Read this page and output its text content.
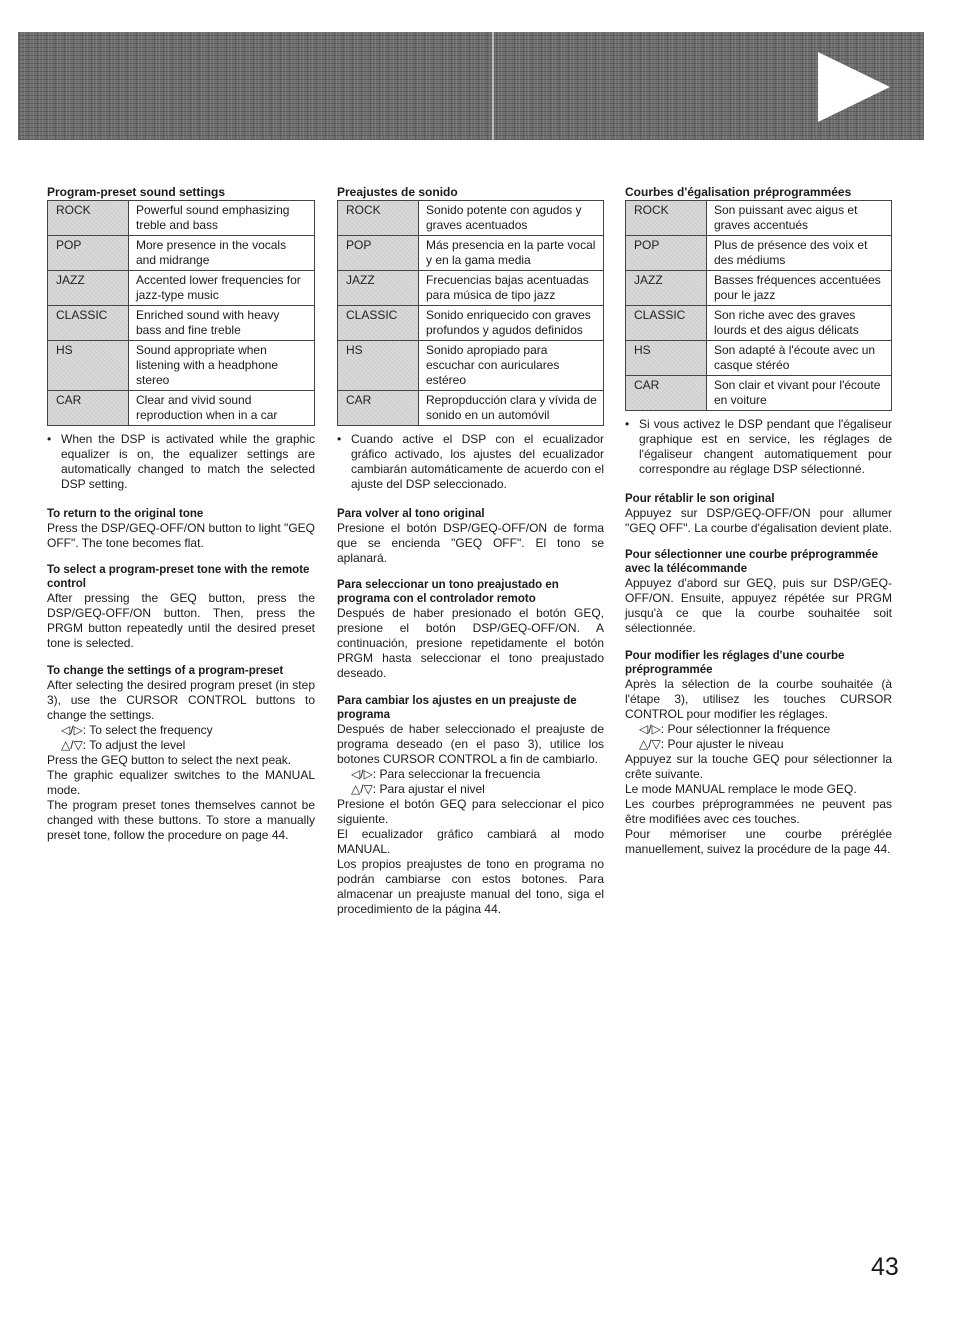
Program-preset sound settings

ROCK	Powerful sound emphasizing treble and bass
POP	More presence in the vocals and midrange
JAZZ	Accented lower frequencies for jazz-type music
CLASSIC	Enriched sound with heavy bass and fine treble
HS	Sound appropriate when listening with a headphone stereo
CAR	Clear and vivid sound reproduction when in a car
• When the DSP is activated while the graphic equalizer is on, the equalizer settings are automatically changed to match the selected DSP setting.

To return to the original tone

Press the DSP/GEQ-OFF/ON button to light "GEQ OFF". The tone becomes flat.

To select a program-preset tone with the remote control

After pressing the GEQ button, press the DSP/GEQ-OFF/ON button. Then, press the PRGM button repeatedly until the desired preset tone is selected.

To change the settings of a program-preset

After selecting the desired program preset (in step 3), use the CURSOR CONTROL buttons to change the settings.

◁/▷: To select the frequency

△/▽: To adjust the level

Press the GEQ button to select the next peak.

The graphic equalizer switches to the MANUAL mode.

The program preset tones themselves cannot be changed with these buttons. To store a manually preset tone, follow the procedure on page 44.

Preajustes de sonido

ROCK	Sonido potente con agudos y graves acentuados
POP	Más presencia en la parte vocal y en la gama media
JAZZ	Frecuencias bajas acentuadas para música de tipo jazz
CLASSIC	Sonido enriquecido con graves profundos y agudos definidos
HS	Sonido apropiado para escuchar con auriculares estéreo
CAR	Repropducción clara y vívida de sonido en un automóvil
• Cuando active el DSP con el ecualizador gráfico activado, los ajustes del ecualizador cambiarán automáticamente de acuerdo con el ajuste del DSP seleccionado.

Para volver al tono original

Presione el botón DSP/GEQ-OFF/ON de forma que se encienda "GEQ OFF". El tono se aplanará.

Para seleccionar un tono preajustado en programa con el controlador remoto

Después de haber presionado el botón GEQ, presione el botón DSP/GEQ-OFF/ON. A continuación, presione repetidamente el botón PRGM hasta seleccionar el tono preajustado deseado.

Para cambiar los ajustes en un preajuste de programa

Después de haber seleccionado el preajuste de programa deseado (en el paso 3), utilice los botones CURSOR CONTROL a fin de cambiarlo.

◁/▷: Para seleccionar la frecuencia

△/▽: Para ajustar el nivel

Presione el botón GEQ para seleccionar el pico siguiente.

El ecualizador gráfico cambiará al modo MANUAL.

Los propios preajustes de tono en programa no podrán cambiarse con estos botones. Para almacenar un preajuste manual del tono, siga el procedimiento de la página 44.

Courbes d'égalisation préprogrammées

ROCK	Son puissant avec aigus et graves accentués
POP	Plus de présence des voix et des médiums
JAZZ	Basses fréquences accentuées pour le jazz
CLASSIC	Son riche avec des graves lourds et des aigus délicats
HS	Son adapté à l'écoute avec un casque stéréo
CAR	Son clair et vivant pour l'écoute en voiture
• Si vous activez le DSP pendant que l'égaliseur graphique est en service, les réglages de l'égaliseur changent automatiquement pour correspondre au réglage DSP sélectionné.

Pour rétablir le son original

Appuyez sur DSP/GEQ-OFF/ON pour allumer "GEQ OFF". La courbe d'égalisation devient plate.

Pour sélectionner une courbe préprogrammée avec la télécommande

Appuyez d'abord sur GEQ, puis sur DSP/GEQ-OFF/ON. Ensuite, appuyez répétée sur PRGM jusqu'à ce que la courbe souhaitée soit sélectionnée.

Pour modifier les réglages d'une courbe préprogrammée

Après la sélection de la courbe souhaitée (à l'étape 3), utilisez les touches CURSOR CONTROL pour modifier les réglages.

◁/▷: Pour sélectionner la fréquence

△/▽: Pour ajuster le niveau

Appuyez sur la touche GEQ pour sélectionner la crête suivante.

Le mode MANUAL remplace le mode GEQ.

Les courbes préprogrammées ne peuvent pas être modifiées avec ces touches.

Pour mémoriser une courbe préréglée manuellement, suivez la procédure de la page 44.

43
